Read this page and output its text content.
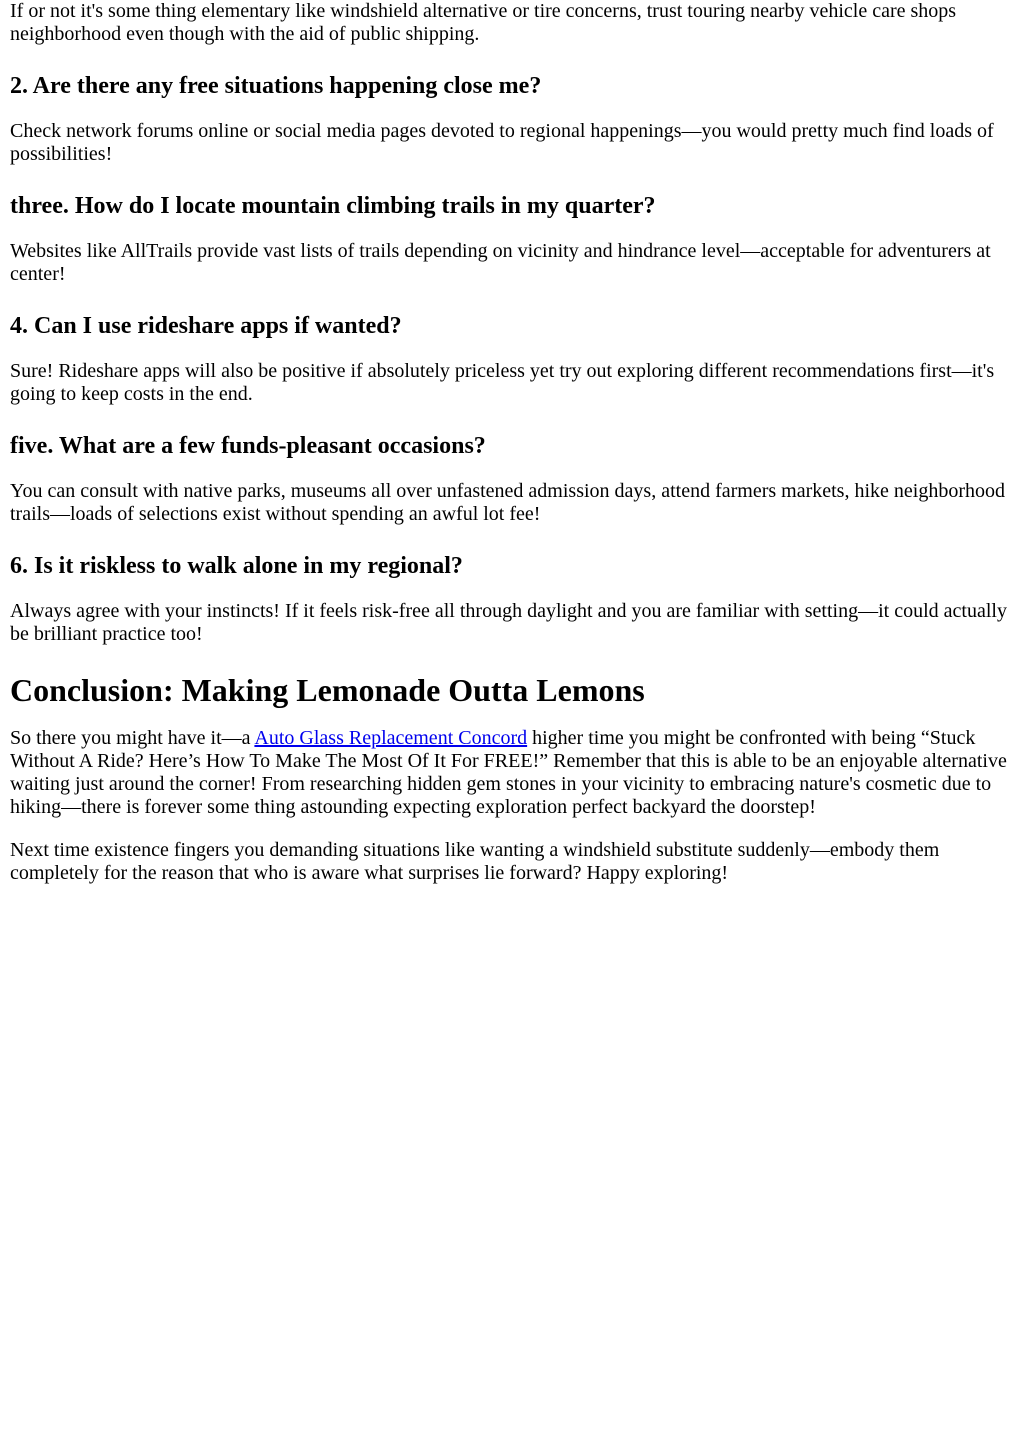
If or not it's some thing elementary like windshield alternative or tire concerns, trust touring nearby vehicle care shops neighborhood even though with the aid of public shipping.

2. Are there any free situations happening close me?

Check network forums online or social media pages devoted to regional happenings—you would pretty much find loads of possibilities!

three. How do I locate mountain climbing trails in my quarter?

Websites like AllTrails provide vast lists of trails depending on vicinity and hindrance level—acceptable for adventurers at center!

4. Can I use rideshare apps if wanted?

Sure! Rideshare apps will also be positive if absolutely priceless yet try out exploring different recommendations first—it's going to keep costs in the end.

five. What are a few funds-pleasant occasions?

You can consult with native parks, museums all over unfastened admission days, attend farmers markets, hike neighborhood trails—loads of selections exist without spending an awful lot fee!

6. Is it riskless to walk alone in my regional?

Always agree with your instincts! If it feels risk-free all through daylight and you are familiar with setting—it could actually be brilliant practice too!

Conclusion: Making Lemonade Outta Lemons

So there you might have it—a Auto Glass Replacement Concord higher time you might be confronted with being “Stuck Without A Ride? Here’s How To Make The Most Of It For FREE!” Remember that this is able to be an enjoyable alternative waiting just around the corner! From researching hidden gem stones in your vicinity to embracing nature's cosmetic due to hiking—there is forever some thing astounding expecting exploration perfect backyard the doorstep!

Next time existence fingers you demanding situations like wanting a windshield substitute suddenly—embody them completely for the reason that who is aware what surprises lie forward? Happy exploring!
